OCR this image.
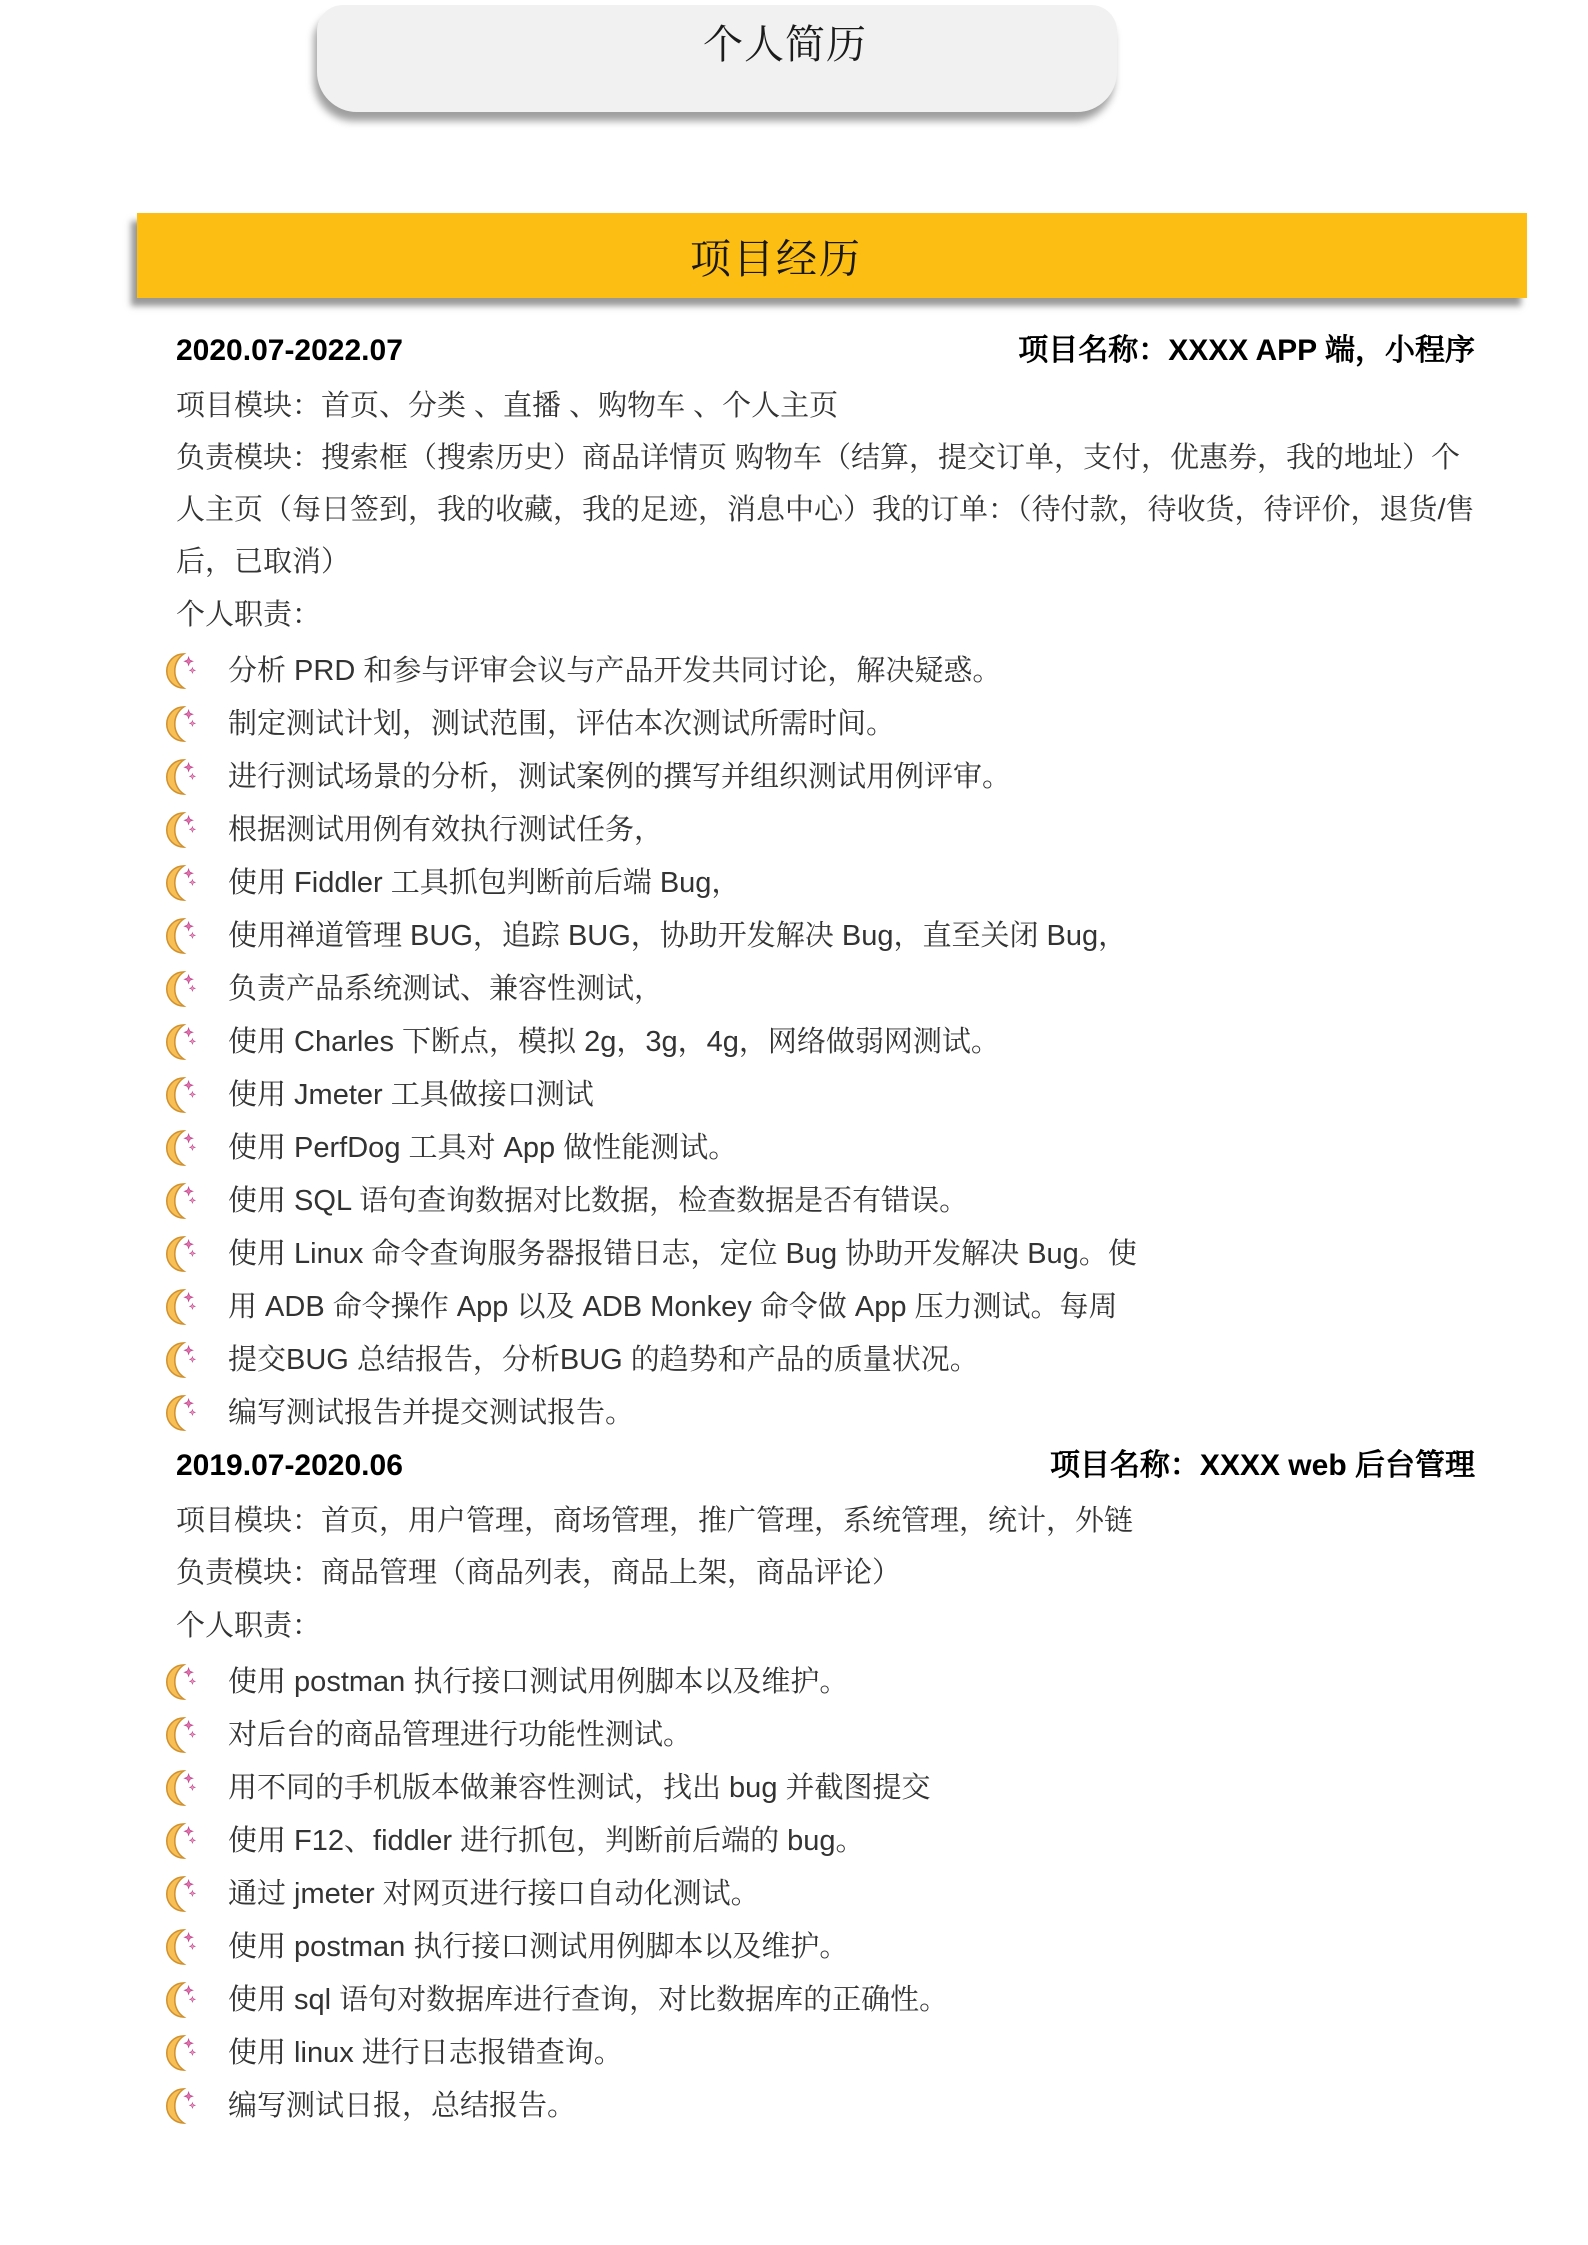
个人简历
项目经历
2020.07-2022.07	项目名称：XXXX APP 端，小程序
项目模块：首页、分类 、直播 、购物车 、个人主页
负责模块：搜索框（搜索历史）商品详情页 购物车（结算，提交订单，支付，优惠券，我的地址）个人主页（每日签到，我的收藏，我的足迹，消息中心）我的订单：（待付款，待收货，待评价，退货/售后，已取消）
个人职责：
分析 PRD 和参与评审会议与产品开发共同讨论，解决疑惑。
制定测试计划，测试范围，评估本次测试所需时间。
进行测试场景的分析，测试案例的撰写并组织测试用例评审。
根据测试用例有效执行测试任务，
使用 Fiddler 工具抓包判断前后端 Bug，
使用禅道管理 BUG，追踪 BUG，协助开发解决 Bug，直至关闭 Bug，
负责产品系统测试、兼容性测试，
使用 Charles 下断点，模拟 2g，3g，4g，网络做弱网测试。
使用 Jmeter 工具做接口测试
使用 PerfDog 工具对 App 做性能测试。
使用 SQL 语句查询数据对比数据，检查数据是否有错误。
使用 Linux 命令查询服务器报错日志，定位 Bug 协助开发解决 Bug。使
用 ADB 命令操作 App 以及 ADB Monkey 命令做 App 压力测试。每周
提交BUG 总结报告，分析BUG 的趋势和产品的质量状况。
编写测试报告并提交测试报告。
2019.07-2020.06	项目名称：XXXX web 后台管理
项目模块：首页，用户管理，商场管理，推广管理，系统管理，统计，外链
负责模块：商品管理（商品列表，商品上架，商品评论）
个人职责：
使用 postman 执行接口测试用例脚本以及维护。
对后台的商品管理进行功能性测试。
用不同的手机版本做兼容性测试，找出 bug 并截图提交
使用 F12、fiddler 进行抓包，判断前后端的 bug。
通过 jmeter 对网页进行接口自动化测试。
使用 postman 执行接口测试用例脚本以及维护。
使用 sql 语句对数据库进行查询，对比数据库的正确性。
使用 linux 进行日志报错查询。
编写测试日报，总结报告。
